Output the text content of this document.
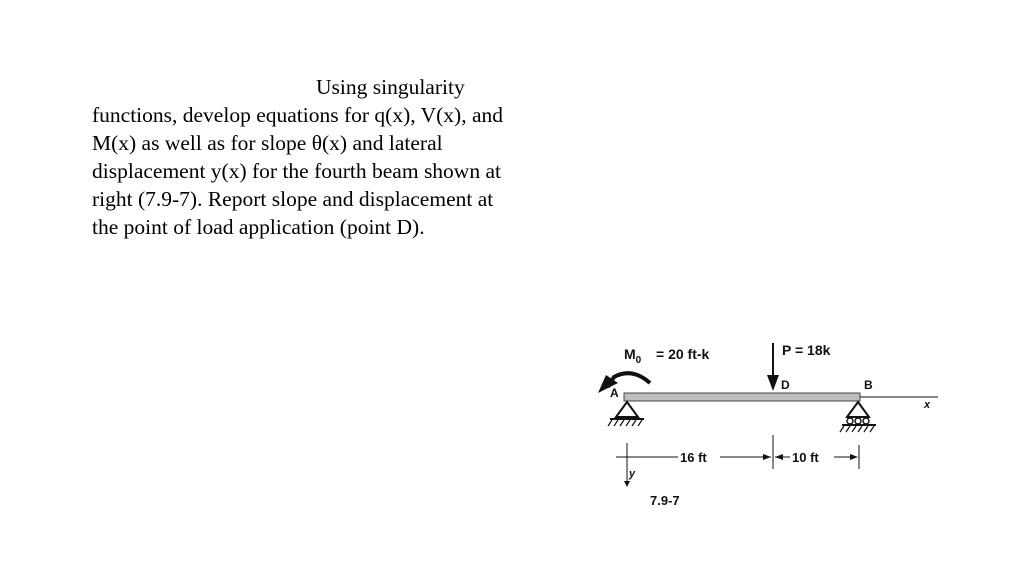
Using singularity
functions, develop equations for q(x), V(x), and
M(x) as well as for slope θ(x) and lateral
displacement y(x) for the fourth beam shown at
right (7.9-7). Report slope and displacement at
the point of load application (point D).
$M_0 = 20$ ft-k
A
P = 18k
D	B
x
y
16 ft	10 ft
7.9-7
